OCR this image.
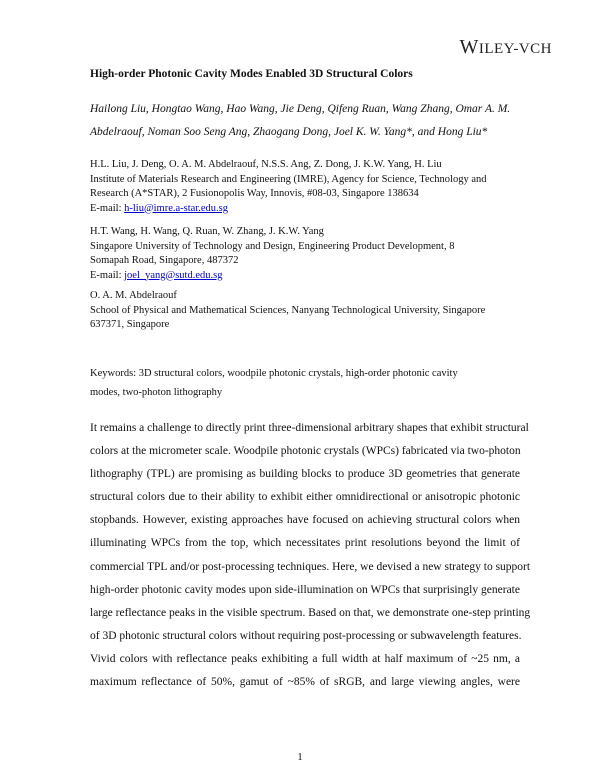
WILEY-VCH
High-order Photonic Cavity Modes Enabled 3D Structural Colors
Hailong Liu, Hongtao Wang, Hao Wang, Jie Deng, Qifeng Ruan, Wang Zhang, Omar A. M.
Abdelraouf, Noman Soo Seng Ang, Zhaogang Dong, Joel K. W. Yang*, and Hong Liu*
H.L. Liu, J. Deng, O. A. M. Abdelraouf, N.S.S. Ang, Z. Dong, J. K.W. Yang, H. Liu
Institute of Materials Research and Engineering (IMRE), Agency for Science, Technology and
Research (A*STAR), 2 Fusionopolis Way, Innovis, #08-03, Singapore 138634
E-mail: h-liu@imre.a-star.edu.sg
H.T. Wang, H. Wang, Q. Ruan, W. Zhang, J. K.W. Yang
Singapore University of Technology and Design, Engineering Product Development, 8
Somapah Road, Singapore, 487372
E-mail: joel_yang@sutd.edu.sg
O. A. M. Abdelraouf
School of Physical and Mathematical Sciences, Nanyang Technological University, Singapore
637371, Singapore
Keywords: 3D structural colors, woodpile photonic crystals, high-order photonic cavity
modes, two-photon lithography
It remains a challenge to directly print three-dimensional arbitrary shapes that exhibit structural
colors at the micrometer scale. Woodpile photonic crystals (WPCs) fabricated via two-photon
lithography (TPL) are promising as building blocks to produce 3D geometries that generate
structural colors due to their ability to exhibit either omnidirectional or anisotropic photonic
stopbands. However, existing approaches have focused on achieving structural colors when
illuminating WPCs from the top, which necessitates print resolutions beyond the limit of
commercial TPL and/or post-processing techniques. Here, we devised a new strategy to support
high-order photonic cavity modes upon side-illumination on WPCs that surprisingly generate
large reflectance peaks in the visible spectrum. Based on that, we demonstrate one-step printing
of 3D photonic structural colors without requiring post-processing or subwavelength features.
Vivid colors with reflectance peaks exhibiting a full width at half maximum of ~25 nm, a
maximum reflectance of 50%, gamut of ~85% of sRGB, and large viewing angles, were
1
